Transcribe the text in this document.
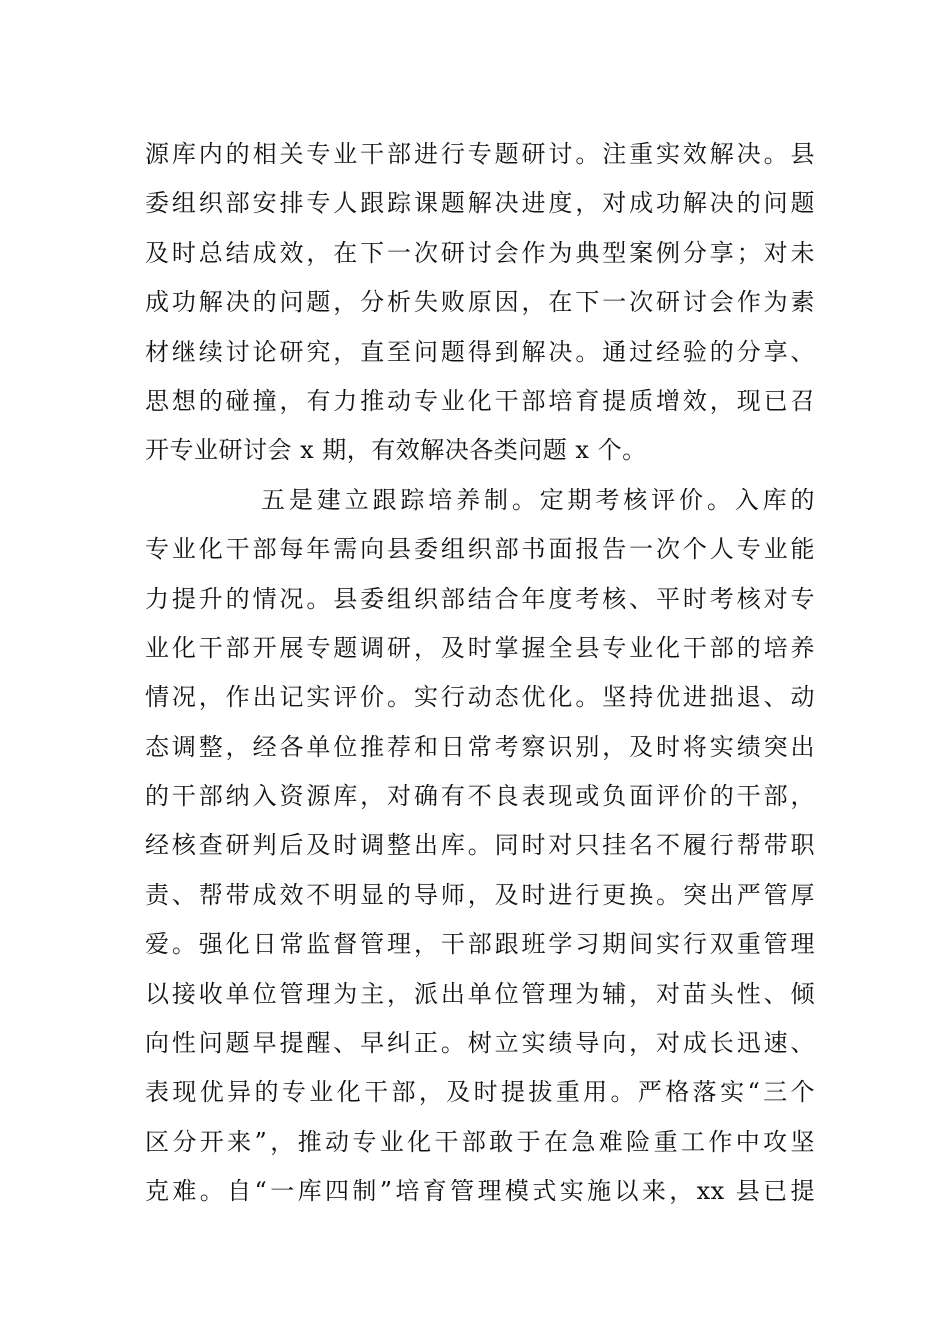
源库内的相关专业干部进行专题研讨。注重实效解决。县
委组织部安排专人跟踪课题解决进度，对成功解决的问题
及时总结成效，在下一次研讨会作为典型案例分享；对未
成功解决的问题，分析失败原因，在下一次研讨会作为素
材继续讨论研究，直至问题得到解决。通过经验的分享、
思想的碰撞，有力推动专业化干部培育提质增效，现已召
开专业研讨会 x 期，有效解决各类问题 x 个。
五是建立跟踪培养制。定期考核评价。入库的
专业化干部每年需向县委组织部书面报告一次个人专业能
力提升的情况。县委组织部结合年度考核、平时考核对专
业化干部开展专题调研，及时掌握全县专业化干部的培养
情况，作出记实评价。实行动态优化。坚持优进拙退、动
态调整，经各单位推荐和日常考察识别，及时将实绩突出
的干部纳入资源库，对确有不良表现或负面评价的干部，
经核查研判后及时调整出库。同时对只挂名不履行帮带职
责、帮带成效不明显的导师，及时进行更换。突出严管厚
爱。强化日常监督管理，干部跟班学习期间实行双重管理
以接收单位管理为主，派出单位管理为辅，对苗头性、倾
向性问题早提醒、早纠正。树立实绩导向，对成长迅速、
表现优异的专业化干部，及时提拔重用。严格落实“三个
区分开来”，推动专业化干部敢于在急难险重工作中攻坚
克难。自“一库四制”培育管理模式实施以来，xx 县已提
